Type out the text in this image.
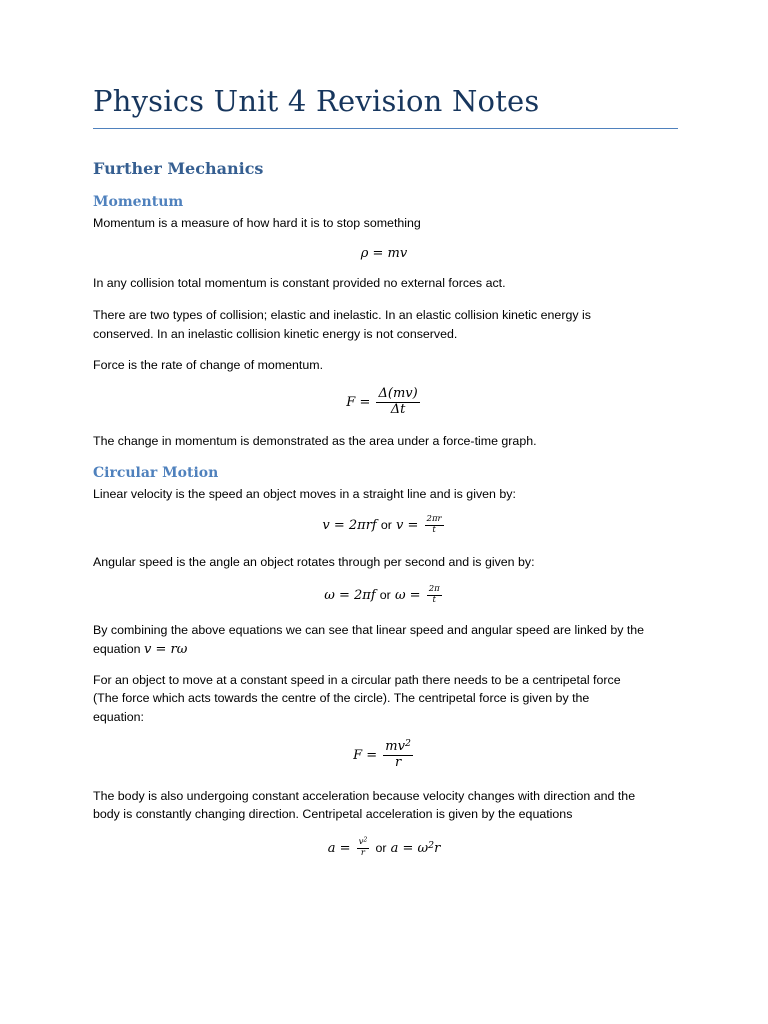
Physics Unit 4 Revision Notes
Further Mechanics
Momentum
Momentum is a measure of how hard it is to stop something
ρ = mv
In any collision total momentum is constant provided no external forces act.
There are two types of collision; elastic and inelastic. In an elastic collision kinetic energy is
conserved. In an inelastic collision kinetic energy is not conserved.
Force is the rate of change of momentum.
$F = \frac{\Delta(mv)}{\Delta t}$
The change in momentum is demonstrated as the area under a force-time graph.
Circular Motion
Linear velocity is the speed an object moves in a straight line and is given by:
v = 2πrf or $v = \frac{2\pi r}{t}$
Angular speed is the angle an object rotates through per second and is given by:
ω = 2πf or $\omega = \frac{2\pi}{t}$
By combining the above equations we can see that linear speed and angular speed are linked by the
equation v = rω
For an object to move at a constant speed in a circular path there needs to be a centripetal force
(The force which acts towards the centre of the circle). The centripetal force is given by the
equation:
$F = \frac{mv^2}{r}$
The body is also undergoing constant acceleration because velocity changes with direction and the
body is constantly changing direction. Centripetal acceleration is given by the equations
$a = \frac{v^2}{r}$ or $a = \omega^2r$
